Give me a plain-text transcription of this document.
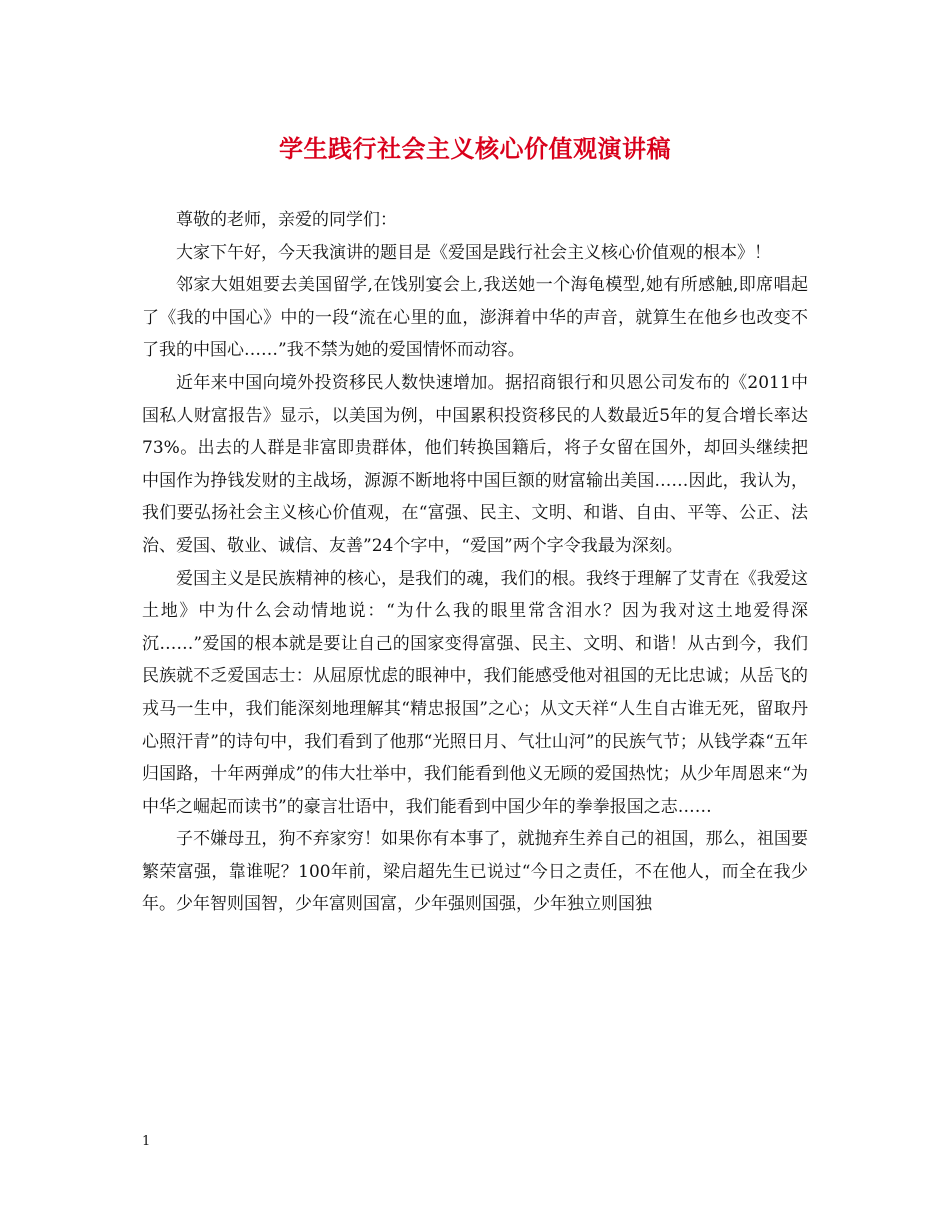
学生践行社会主义核心价值观演讲稿

尊敬的老师，亲爱的同学们：

大家下午好，今天我演讲的题目是《爱国是践行社会主义核心价值观的根本》！

邻家大姐姐要去美国留学,在饯别宴会上,我送她一个海龟模型,她有所感触,即席唱起了《我的中国心》中的一段“流在心里的血，澎湃着中华的声音，就算生在他乡也改变不了我的中国心……”我不禁为她的爱国情怀而动容。

近年来中国向境外投资移民人数快速增加。据招商银行和贝恩公司发布的《2011中国私人财富报告》显示，以美国为例，中国累积投资移民的人数最近5年的复合增长率达73%。出去的人群是非富即贵群体，他们转换国籍后，将子女留在国外，却回头继续把中国作为挣钱发财的主战场，源源不断地将中国巨额的财富输出美国……因此，我认为，我们要弘扬社会主义核心价值观，在“富强、民主、文明、和谐、自由、平等、公正、法治、爱国、敬业、诚信、友善”24个字中，“爱国”两个字令我最为深刻。

爱国主义是民族精神的核心，是我们的魂，我们的根。我终于理解了艾青在《我爱这土地》中为什么会动情地说：“为什么我的眼里常含泪水？因为我对这土地爱得深沉……”爱国的根本就是要让自己的国家变得富强、民主、文明、和谐！从古到今，我们民族就不乏爱国志士：从屈原忧虑的眼神中，我们能感受他对祖国的无比忠诚；从岳飞的戎马一生中，我们能深刻地理解其“精忠报国”之心；从文天祥“人生自古谁无死，留取丹心照汗青”的诗句中，我们看到了他那“光照日月、气壮山河”的民族气节；从钱学森“五年归国路，十年两弹成”的伟大壮举中，我们能看到他义无顾的爱国热忱；从少年周恩来“为中华之崛起而读书”的豪言壮语中，我们能看到中国少年的拳拳报国之志……

子不嫌母丑，狗不弃家穷！如果你有本事了，就抛弃生养自己的祖国，那么，祖国要繁荣富强，靠谁呢？100年前，梁启超先生已说过“今日之责任，不在他人，而全在我少年。少年智则国智，少年富则国富，少年强则国强，少年独立则国独

1
